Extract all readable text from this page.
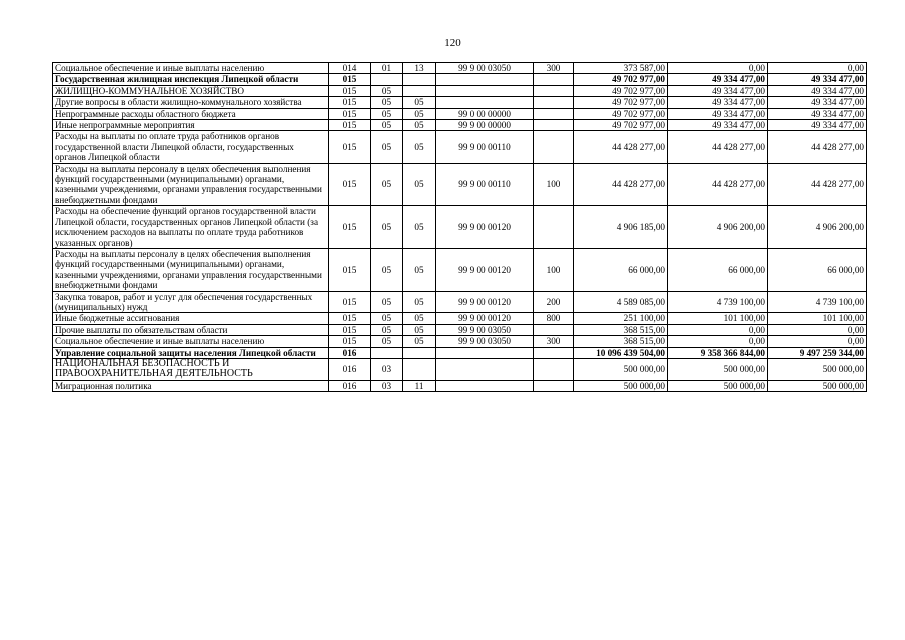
120
Социальное обеспечение и иные выплаты населению	014	01	13	99 9 00 03050	300	373 587,00	0,00	0,00
Государственная жилищная инспекция Липецкой области	015					49 702 977,00	49 334 477,00	49 334 477,00
ЖИЛИЩНО-КОММУНАЛЬНОЕ ХОЗЯЙСТВО	015	05				49 702 977,00	49 334 477,00	49 334 477,00
Другие вопросы в области жилищно-коммунального хозяйства	015	05	05			49 702 977,00	49 334 477,00	49 334 477,00
Непрограммные расходы областного бюджета	015	05	05	99 0 00 00000		49 702 977,00	49 334 477,00	49 334 477,00
Иные непрограммные мероприятия	015	05	05	99 9 00 00000		49 702 977,00	49 334 477,00	49 334 477,00
Расходы на выплаты по оплате труда работников органов государственной власти Липецкой области, государственных органов Липецкой области	015	05	05	99 9 00 00110		44 428 277,00	44 428 277,00	44 428 277,00
Расходы на выплаты персоналу в целях обеспечения выполнения функций государственными (муниципальными) органами, казенными учреждениями, органами управления государственными внебюджетными фондами	015	05	05	99 9 00 00110	100	44 428 277,00	44 428 277,00	44 428 277,00
Расходы на обеспечение функций органов государственной власти Липецкой области, государственных органов Липецкой области (за исключением расходов на выплаты по оплате труда работников указанных органов)	015	05	05	99 9 00 00120		4 906 185,00	4 906 200,00	4 906 200,00
Расходы на выплаты персоналу в целях обеспечения выполнения функций государственными (муниципальными) органами, казенными учреждениями, органами управления государственными внебюджетными фондами	015	05	05	99 9 00 00120	100	66 000,00	66 000,00	66 000,00
Закупка товаров, работ и услуг для обеспечения государственных (муниципальных) нужд	015	05	05	99 9 00 00120	200	4 589 085,00	4 739 100,00	4 739 100,00
Иные бюджетные ассигнования	015	05	05	99 9 00 00120	800	251 100,00	101 100,00	101 100,00
Прочие выплаты по обязательствам области	015	05	05	99 9 00 03050		368 515,00	0,00	0,00
Социальное обеспечение и иные выплаты населению	015	05	05	99 9 00 03050	300	368 515,00	0,00	0,00
Управление социальной защиты населения Липецкой области	016					10 096 439 504,00	9 358 366 844,00	9 497 259 344,00
НАЦИОНАЛЬНАЯ БЕЗОПАСНОСТЬ И ПРАВООХРАНИТЕЛЬНАЯ ДЕЯТЕЛЬНОСТЬ	016	03				500 000,00	500 000,00	500 000,00
Миграционная политика	016	03	11			500 000,00	500 000,00	500 000,00
